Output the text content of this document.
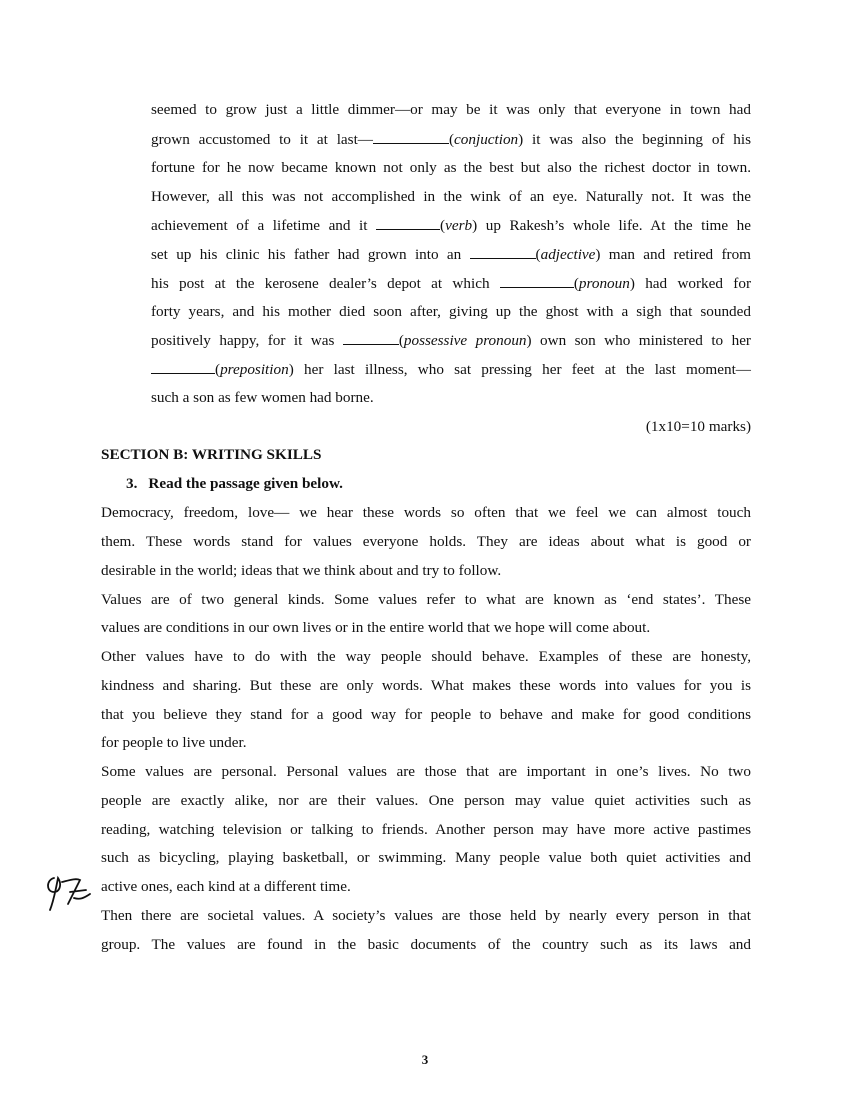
seemed to grow just a little dimmer—or may be it was only that everyone in town had
grown accustomed to it at last—	(conjuction) it was also the beginning of his
fortune for he now became known not only as the best but also the richest doctor in town.
However, all this was not accomplished in the wink of an eye. Naturally not. It was the
achievement of a lifetime and it	(verb) up Rakesh’s whole life. At the time he
set up his clinic his father had grown into an	(adjective) man and retired from
his post at the kerosene dealer’s depot at which	(pronoun) had worked for
forty years, and his mother died soon after, giving up the ghost with a sigh that sounded
positively happy, for it was	(possessive pronoun) own son who ministered to her
(preposition) her last illness, who sat pressing her feet at the last moment—
such a son as few women had borne.
(1x10=10 marks)
SECTION B: WRITING SKILLS
3. Read the passage given below.
Democracy, freedom, love— we hear these words so often that we feel we can almost touch
them. These words stand for values everyone holds. They are ideas about what is good or
desirable in the world; ideas that we think about and try to follow.
Values are of two general kinds. Some values refer to what are known as ‘end states’. These
values are conditions in our own lives or in the entire world that we hope will come about.
Other values have to do with the way people should behave. Examples of these are honesty,
kindness and sharing. But these are only words. What makes these words into values for you is
that you believe they stand for a good way for people to behave and make for good conditions
for people to live under.
Some values are personal. Personal values are those that are important in one’s lives. No two
people are exactly alike, nor are their values. One person may value quiet activities such as
reading, watching television or talking to friends. Another person may have more active pastimes
such as bicycling, playing basketball, or swimming. Many people value both quiet activities and
active ones, each kind at a different time.
Then there are societal values. A society’s values are those held by nearly every person in that
group. The values are found in the basic documents of the country such as its laws and
3
